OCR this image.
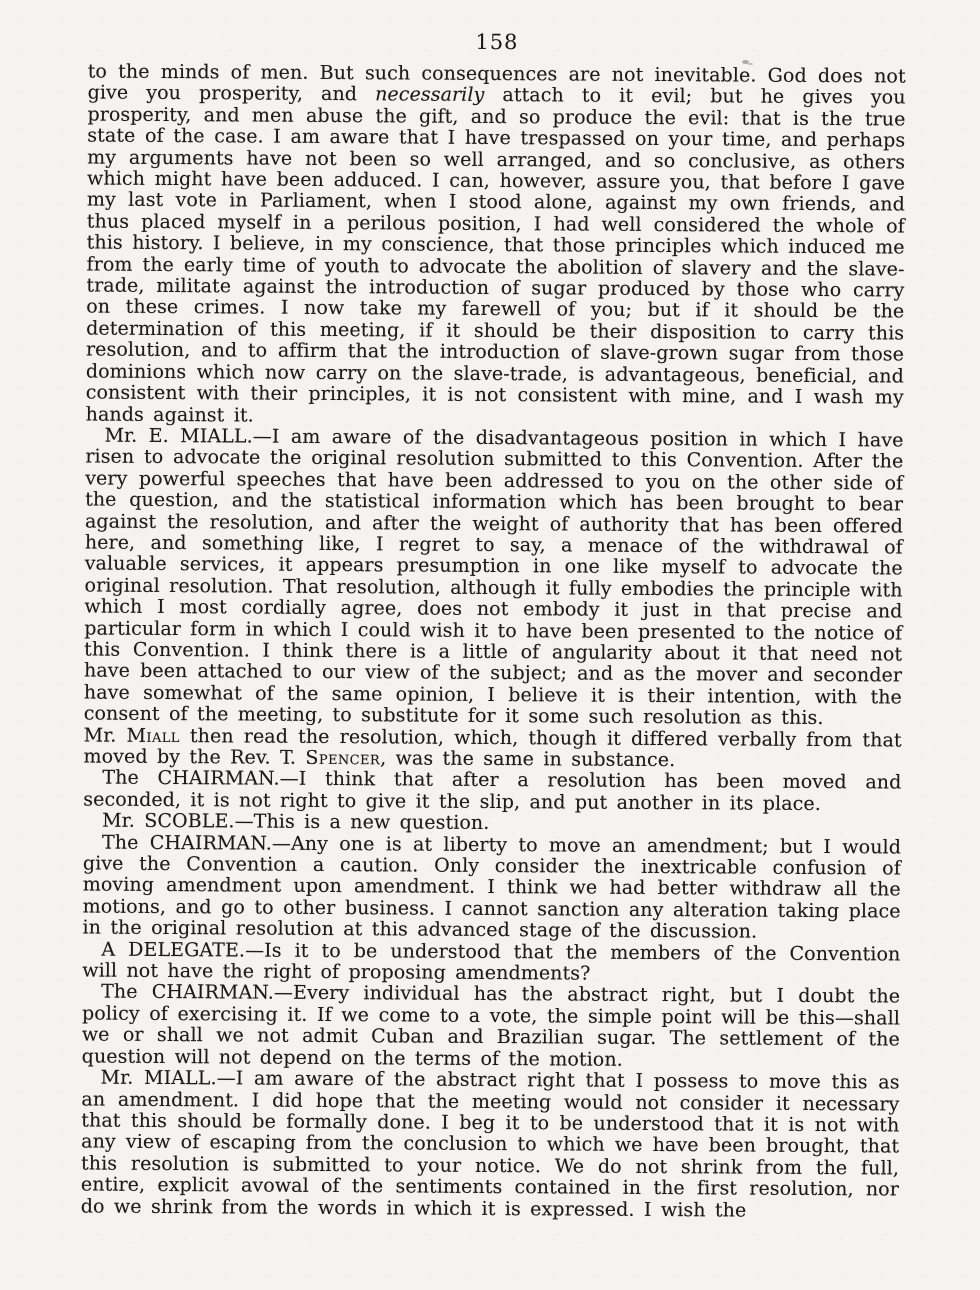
158

to the minds of men. But such consequences are not inevitable. God does not give you prosperity, and necessarily attach to it evil; but he gives you prosperity, and men abuse the gift, and so produce the evil: that is the true state of the case. I am aware that I have trespassed on your time, and perhaps my arguments have not been so well arranged, and so conclusive, as others which might have been adduced. I can, however, assure you, that before I gave my last vote in Parliament, when I stood alone, against my own friends, and thus placed myself in a perilous position, I had well considered the whole of this history. I believe, in my conscience, that those principles which induced me from the early time of youth to advocate the abolition of slavery and the slave-trade, militate against the introduction of sugar produced by those who carry on these crimes. I now take my farewell of you; but if it should be the determination of this meeting, if it should be their disposition to carry this resolution, and to affirm that the introduction of slave-grown sugar from those dominions which now carry on the slave-trade, is advantageous, beneficial, and consistent with their principles, it is not consistent with mine, and I wash my hands against it.

Mr. E. MIALL.—I am aware of the disadvantageous position in which I have risen to advocate the original resolution submitted to this Convention. After the very powerful speeches that have been addressed to you on the other side of the question, and the statistical information which has been brought to bear against the resolution, and after the weight of authority that has been offered here, and something like, I regret to say, a menace of the withdrawal of valuable services, it appears presumption in one like myself to advocate the original resolution. That resolution, although it fully embodies the principle with which I most cordially agree, does not embody it just in that precise and particular form in which I could wish it to have been presented to the notice of this Convention. I think there is a little of angularity about it that need not have been attached to our view of the subject; and as the mover and seconder have somewhat of the same opinion, I believe it is their intention, with the consent of the meeting, to substitute for it some such resolution as this.

Mr. Miall then read the resolution, which, though it differed verbally from that moved by the Rev. T. Spencer, was the same in substance.

The CHAIRMAN.—I think that after a resolution has been moved and seconded, it is not right to give it the slip, and put another in its place.

Mr. SCOBLE.—This is a new question.

The CHAIRMAN.—Any one is at liberty to move an amendment; but I would give the Convention a caution. Only consider the inextricable confusion of moving amendment upon amendment. I think we had better withdraw all the motions, and go to other business. I cannot sanction any alteration taking place in the original resolution at this advanced stage of the discussion.

A DELEGATE.—Is it to be understood that the members of the Convention will not have the right of proposing amendments?

The CHAIRMAN.—Every individual has the abstract right, but I doubt the policy of exercising it. If we come to a vote, the simple point will be this—shall we or shall we not admit Cuban and Brazilian sugar. The settlement of the question will not depend on the terms of the motion.

Mr. MIALL.—I am aware of the abstract right that I possess to move this as an amendment. I did hope that the meeting would not consider it necessary that this should be formally done. I beg it to be understood that it is not with any view of escaping from the conclusion to which we have been brought, that this resolution is submitted to your notice. We do not shrink from the full, entire, explicit avowal of the sentiments contained in the first resolution, nor do we shrink from the words in which it is expressed. I wish the
